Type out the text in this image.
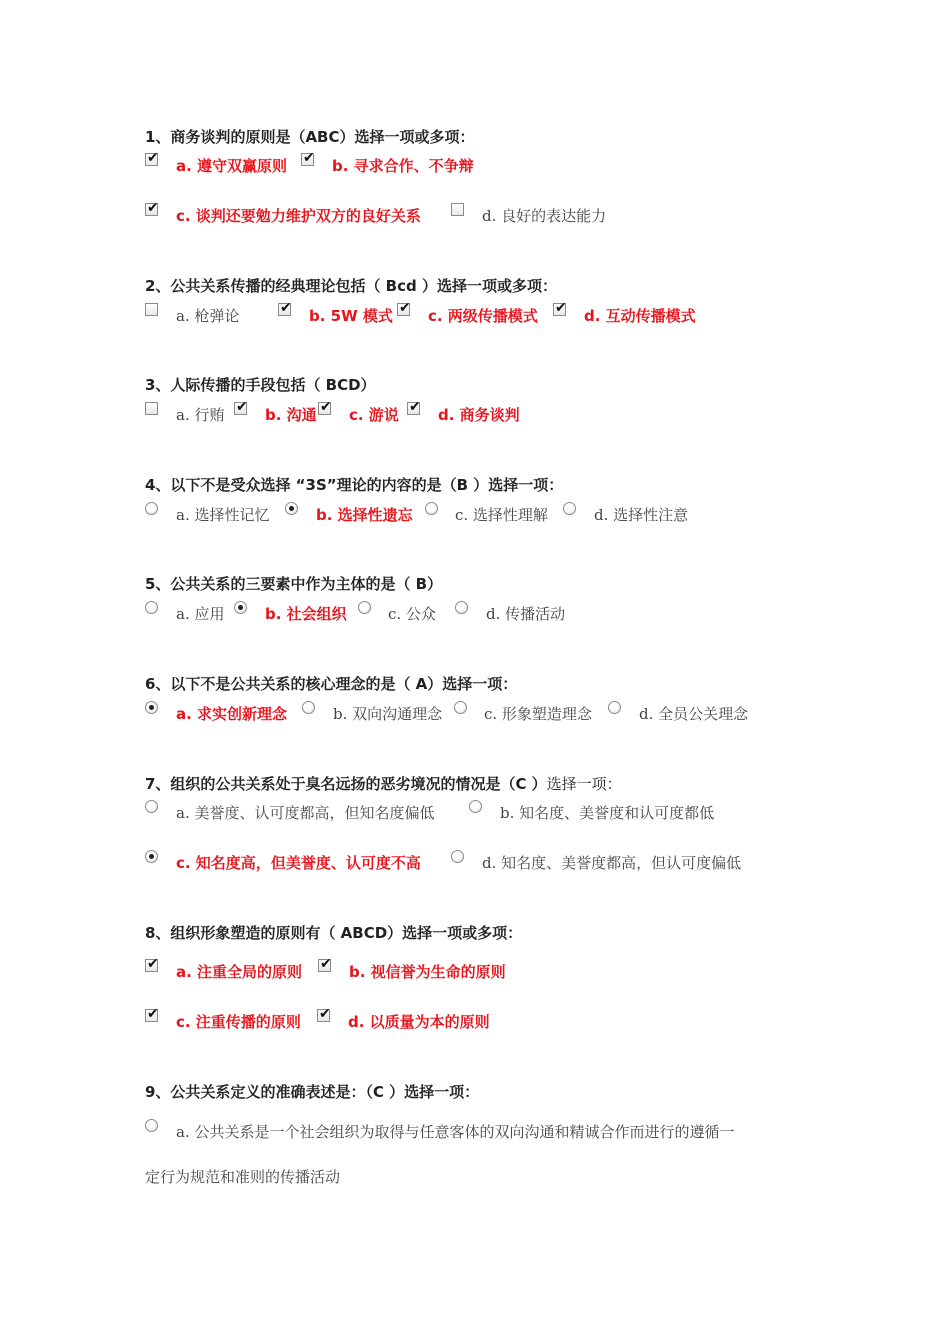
1、商务谈判的原则是（ABC）选择一项或多项：
✔ a. 遵守双赢原则 ✔ b. 寻求合作、不争辩
✔ c. 谈判还要勉力维护双方的良好关系	d. 良好的表达能力
2、公共关系传播的经典理论包括（ Bcd ）选择一项或多项：
a. 枪弹论	✔ b. 5W 模式 ✔ c. 两级传播模式 ✔ d. 互动传播模式
3、人际传播的手段包括（ BCD）
a. 行贿 ✔ b. 沟通 ✔ c. 游说 ✔ d. 商务谈判
4、以下不是受众选择 “3S”理论的内容的是（B ）选择一项：
a. 选择性记忆	b. 选择性遗忘	c. 选择性理解	d. 选择性注意
5、公共关系的三要素中作为主体的是（ B）
a. 应用	b. 社会组织	c. 公众	d. 传播活动
6、以下不是公共关系的核心理念的是（ A）选择一项：
a. 求实创新理念	b. 双向沟通理念	c. 形象塑造理念	d. 全员公关理念
7、组织的公共关系处于臭名远扬的恶劣境况的情况是（C ）选择一项：
a. 美誉度、认可度都高，但知名度偏低	b. 知名度、美誉度和认可度都低
c. 知名度高，但美誉度、认可度不高	d. 知名度、美誉度都高，但认可度偏低
8、组织形象塑造的原则有（ ABCD）选择一项或多项：
✔ a. 注重全局的原则 ✔ b. 视信誉为生命的原则
✔ c. 注重传播的原则 ✔ d. 以质量为本的原则
9、公共关系定义的准确表述是：（C ）选择一项：
a. 公共关系是一个社会组织为取得与任意客体的双向沟通和精诚合作而进行的遵循一
定行为规范和准则的传播活动
